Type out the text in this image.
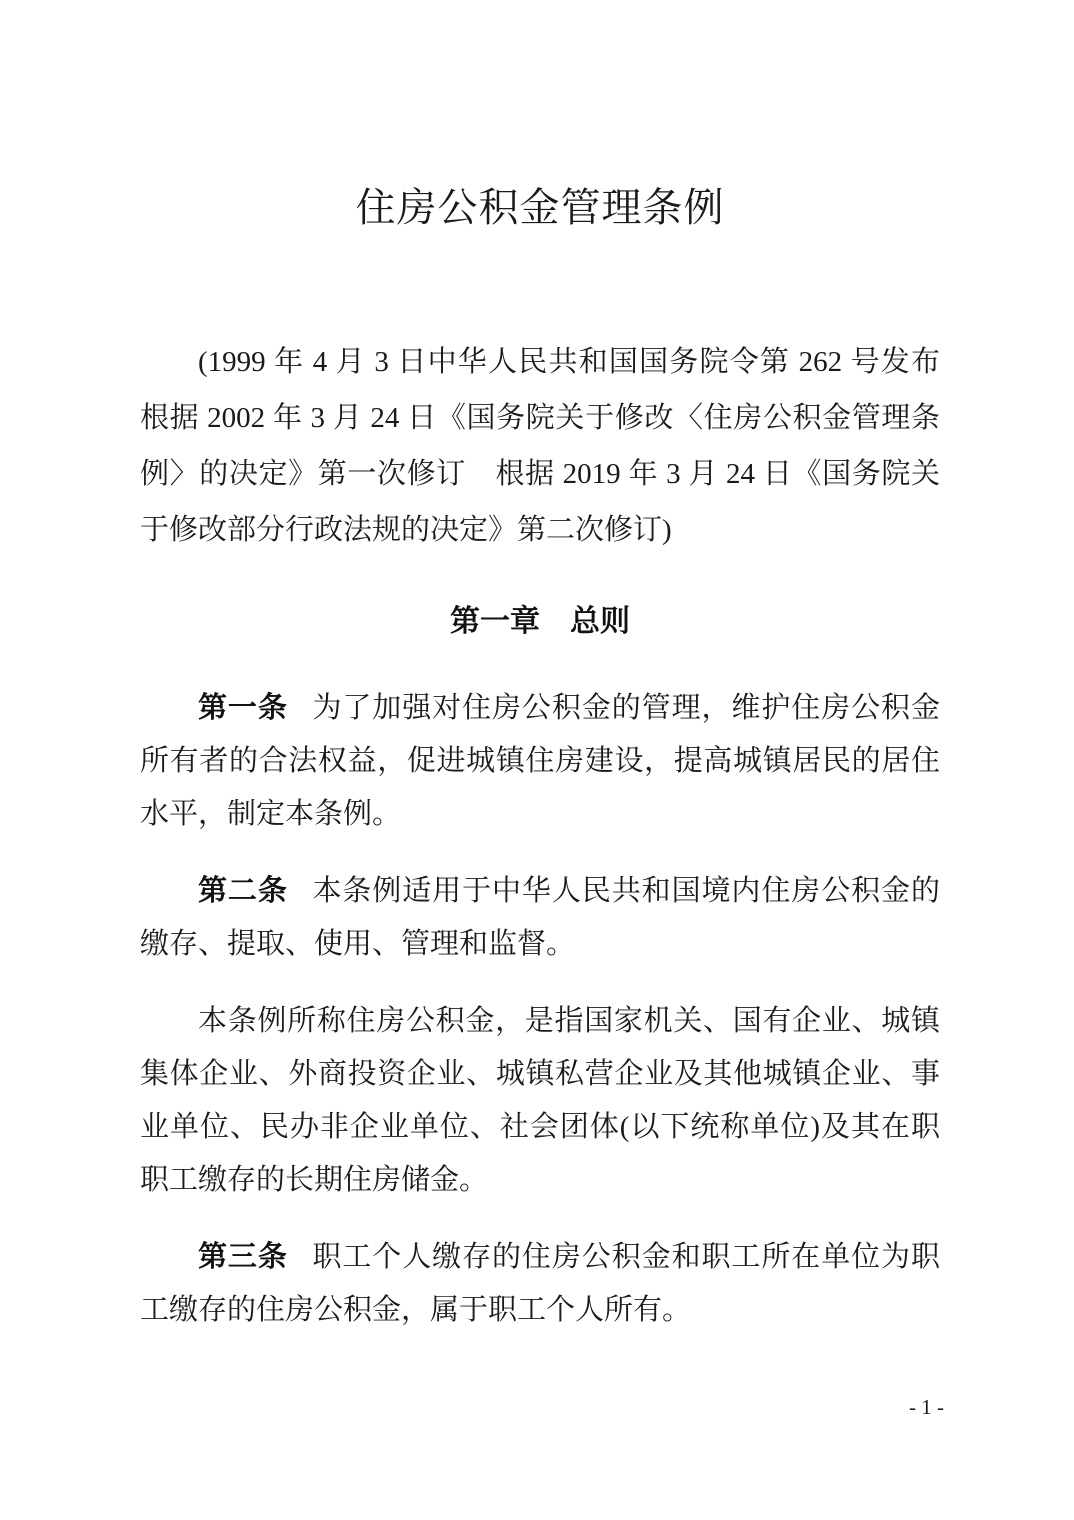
住房公积金管理条例

(1999 年 4 月 3 日中华人民共和国国务院令第 262 号发布　根据 2002 年 3 月 24 日《国务院关于修改〈住房公积金管理条例〉的决定》第一次修订　根据 2019 年 3 月 24 日《国务院关于修改部分行政法规的决定》第二次修订)

第一章　总则

第一条 为了加强对住房公积金的管理，维护住房公积金所有者的合法权益，促进城镇住房建设，提高城镇居民的居住水平，制定本条例。

第二条 本条例适用于中华人民共和国境内住房公积金的缴存、提取、使用、管理和监督。

本条例所称住房公积金，是指国家机关、国有企业、城镇集体企业、外商投资企业、城镇私营企业及其他城镇企业、事业单位、民办非企业单位、社会团体(以下统称单位)及其在职职工缴存的长期住房储金。

第三条 职工个人缴存的住房公积金和职工所在单位为职工缴存的住房公积金，属于职工个人所有。

- 1 -
